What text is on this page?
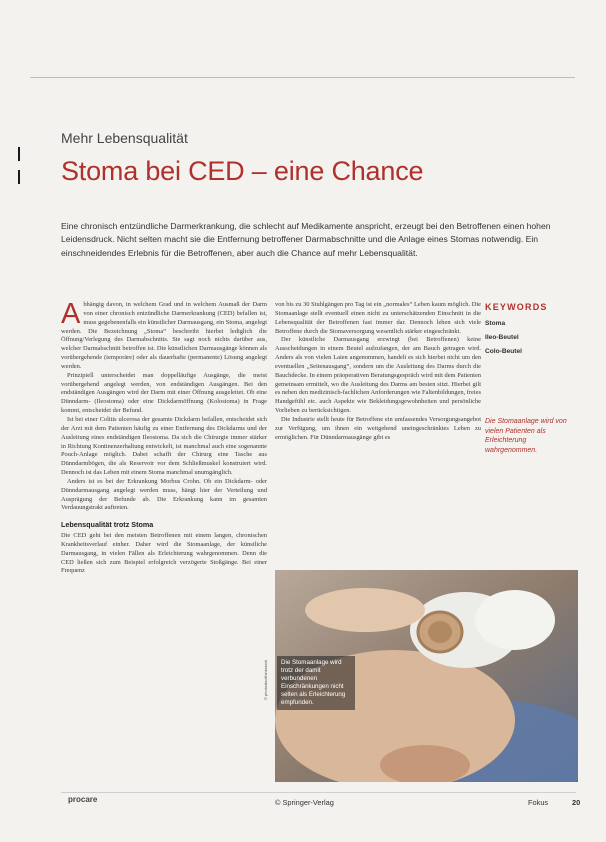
Mehr Lebensqualität
Stoma bei CED – eine Chance
Eine chronisch entzündliche Darmerkrankung, die schlecht auf Medikamente anspricht, erzeugt bei den Betroffenen einen hohen Leidensdruck. Nicht selten macht sie die Entfernung betroffener Darmabschnitte und die Anlage eines Stomas notwendig. Ein einschneidendes Erlebnis für die Betroffenen, aber auch die Chance auf mehr Lebensqualität.

Abhängig davon, in welchem Grad und in welchem Ausmaß der Darm von einer chronisch entzündliche Darmerkrankung (CED) befallen ist, muss gegebenenfalls ein künstlicher Darmausgang, ein Stoma, angelegt werden. Die Bezeichnung „Stoma“ beschreibt hierbei lediglich die Öffnung/Verlegung des Darmabschnitts. Sie sagt noch nichts darüber aus, welcher Darmabschnitt betroffen ist. Die künstlichen Darmausgänge können als vorübergehende (temporäre) oder als dauerhafte (permanente) Lösung angelegt werden.

Prinzipiell unterscheidet man doppelläufige Ausgänge, die meist vorübergehend angelegt werden, von endständigen Ausgängen. Bei den endständigen Ausgängen wird der Darm mit einer Öffnung ausgeleitet. Ob eine Dünndarm- (Ileostoma) oder eine Dickdarmöffnung (Kolostoma) in Frage kommt, entscheidet der Befund.

Ist bei einer Colitis ulcerosa der gesamte Dickdarm befallen, entscheidet sich der Arzt mit dem Patienten häufig zu einer Entfernung des Dickdarms und der Ausleitung eines endständigen Ileostoma. Da sich die Chirurgie immer stärker in Richtung Kontinenzerhaltung entwickelt, ist manchmal auch eine sogenannte Pouch-Anlage möglich. Dabei schafft der Chirurg eine Tasche aus Dünndarmbögen, die als Reservoir vor dem Schließmuskel konstruiert wird. Dennoch ist das Leben mit einem Stoma manchmal unumgänglich.

Anders ist es bei der Erkrankung Morbus Crohn. Ob ein Dickdarm- oder Dünndarmausgang angelegt werden muss, hängt hier der Verteilung und Ausprägung der Befunde ab. Die Erkrankung kann im gesamten Verdauungstrakt auftreten.

Lebensqualität trotz Stoma

Die CED geht bei den meisten Betroffenen mit einem langen, chronischen Krankheitsverlauf einher. Daher wird die Stomaanlage, der künstliche Darmausgang, in vielen Fällen als Erleichterung wahrgenommen. Denn die CED ließen sich zum Beispiel erfolgreich verzögerte Stoßgänge. Bei einer Frequenz

von bis zu 30 Stuhlgängen pro Tag ist ein „normales“ Leben kaum möglich. Die Stomaanlage stellt eventuell einen nicht zu unterschätzenden Einschnitt in die Lebensqualität der Betroffenen fast immer dar. Dennoch lehen sich viele Betroffene durch die Stomaversorgung wesentlich stärker eingeschränkt.

Der künstliche Darmausgang erzwingt (bei Betroffenen) keine Ausscheidungen in einem Beutel aufzufangen, der am Bauch getragen wird. Anders als von vielen Laien angenommen, handelt es sich hierbei nicht um den eventuellen „Seitenausgang“, sondern um die Ausleitung des Darms durch die Bauchdecke. In einem präoperativen Beratungsgespräch wird mit dem Patienten gemeinsam ermittelt, wo die Ausleitung des Darms am besten sitzt. Hierbei gilt es neben den medizinisch-fachlichen Anforderungen wie Faltenbildungen, freies Handgefühl etc. auch Aspekte wie Bekleidungsgewohnheiten und persönliche Vorlieben zu berücksichtigen.

Die Industrie stellt heute für Betroffene ein umfassendes Versorgungsangebot zur Verfügung, um ihnen ein weitgehend uneingeschränktes Leben zu ermöglichen. Für Dünndarmausgänge gibt es

KEYWORDS
Stoma
Ileo-Beutel
Colo-Beutel
Die Stomaanlage wird von vielen Patienten als Erleichterung wahrgenommen.
Die Stomaanlage wird trotz der damit verbundenen Einschränkungen nicht selten als Erleichterung empfunden.
© photodisc/thinkstock
procare	© Springer-Verlag	Fokus	20
